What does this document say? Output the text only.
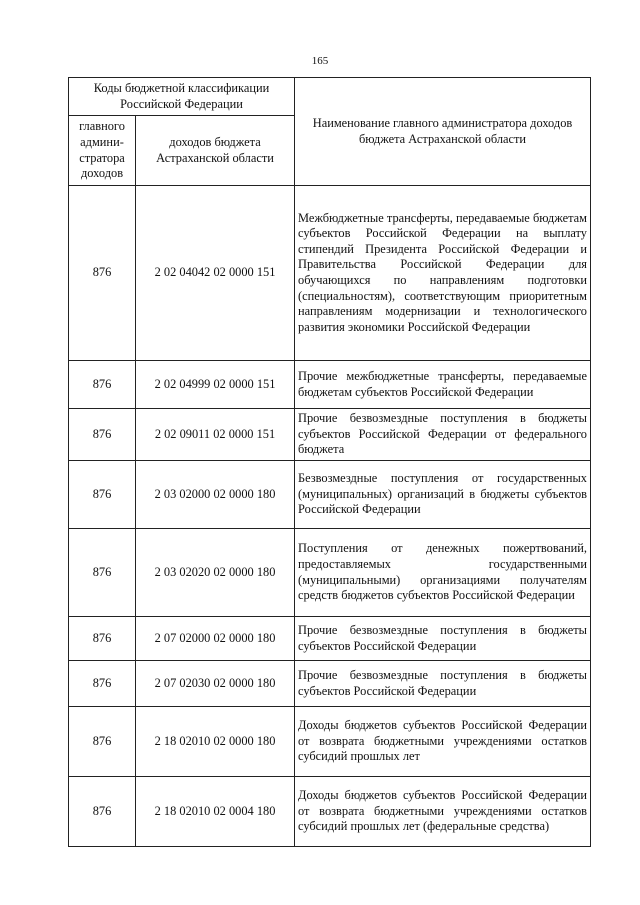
165
Коды бюджетной классификации Российской Федерации		Наименование главного администратора доходов бюджета Астраханской области
главного админи-стратора доходов	доходов бюджета Астраханской области	
876	2 02 04042 02 0000 151	Межбюджетные трансферты, передаваемые бюджетам субъектов Российской Федерации на выплату стипендий Президента Российской Федерации и Правительства Российской Федерации для обучающихся по направлениям подготовки (специальностям), соответствующим приоритетным направлениям модернизации и технологического развития экономики Российской Федерации
876	2 02 04999 02 0000 151	Прочие межбюджетные трансферты, передаваемые бюджетам субъектов Российской Федерации
876	2 02 09011 02 0000 151	Прочие безвозмездные поступления в бюджеты субъектов Российской Федерации от федерального бюджета
876	2 03 02000 02 0000 180	Безвозмездные поступления от государственных (муниципальных) организаций в бюджеты субъектов Российской Федерации
876	2 03 02020 02 0000 180	Поступления от денежных пожертвований, предоставляемых государственными (муниципальными) организациями получателям средств бюджетов субъектов Российской Федерации
876	2 07 02000 02 0000 180	Прочие безвозмездные поступления в бюджеты субъектов Российской Федерации
876	2 07 02030 02 0000 180	Прочие безвозмездные поступления в бюджеты субъектов Российской Федерации
876	2 18 02010 02 0000 180	Доходы бюджетов субъектов Российской Федерации от возврата бюджетными учреждениями остатков субсидий прошлых лет
876	2 18 02010 02 0004 180	Доходы бюджетов субъектов Российской Федерации от возврата бюджетными учреждениями остатков субсидий прошлых лет (федеральные средства)
